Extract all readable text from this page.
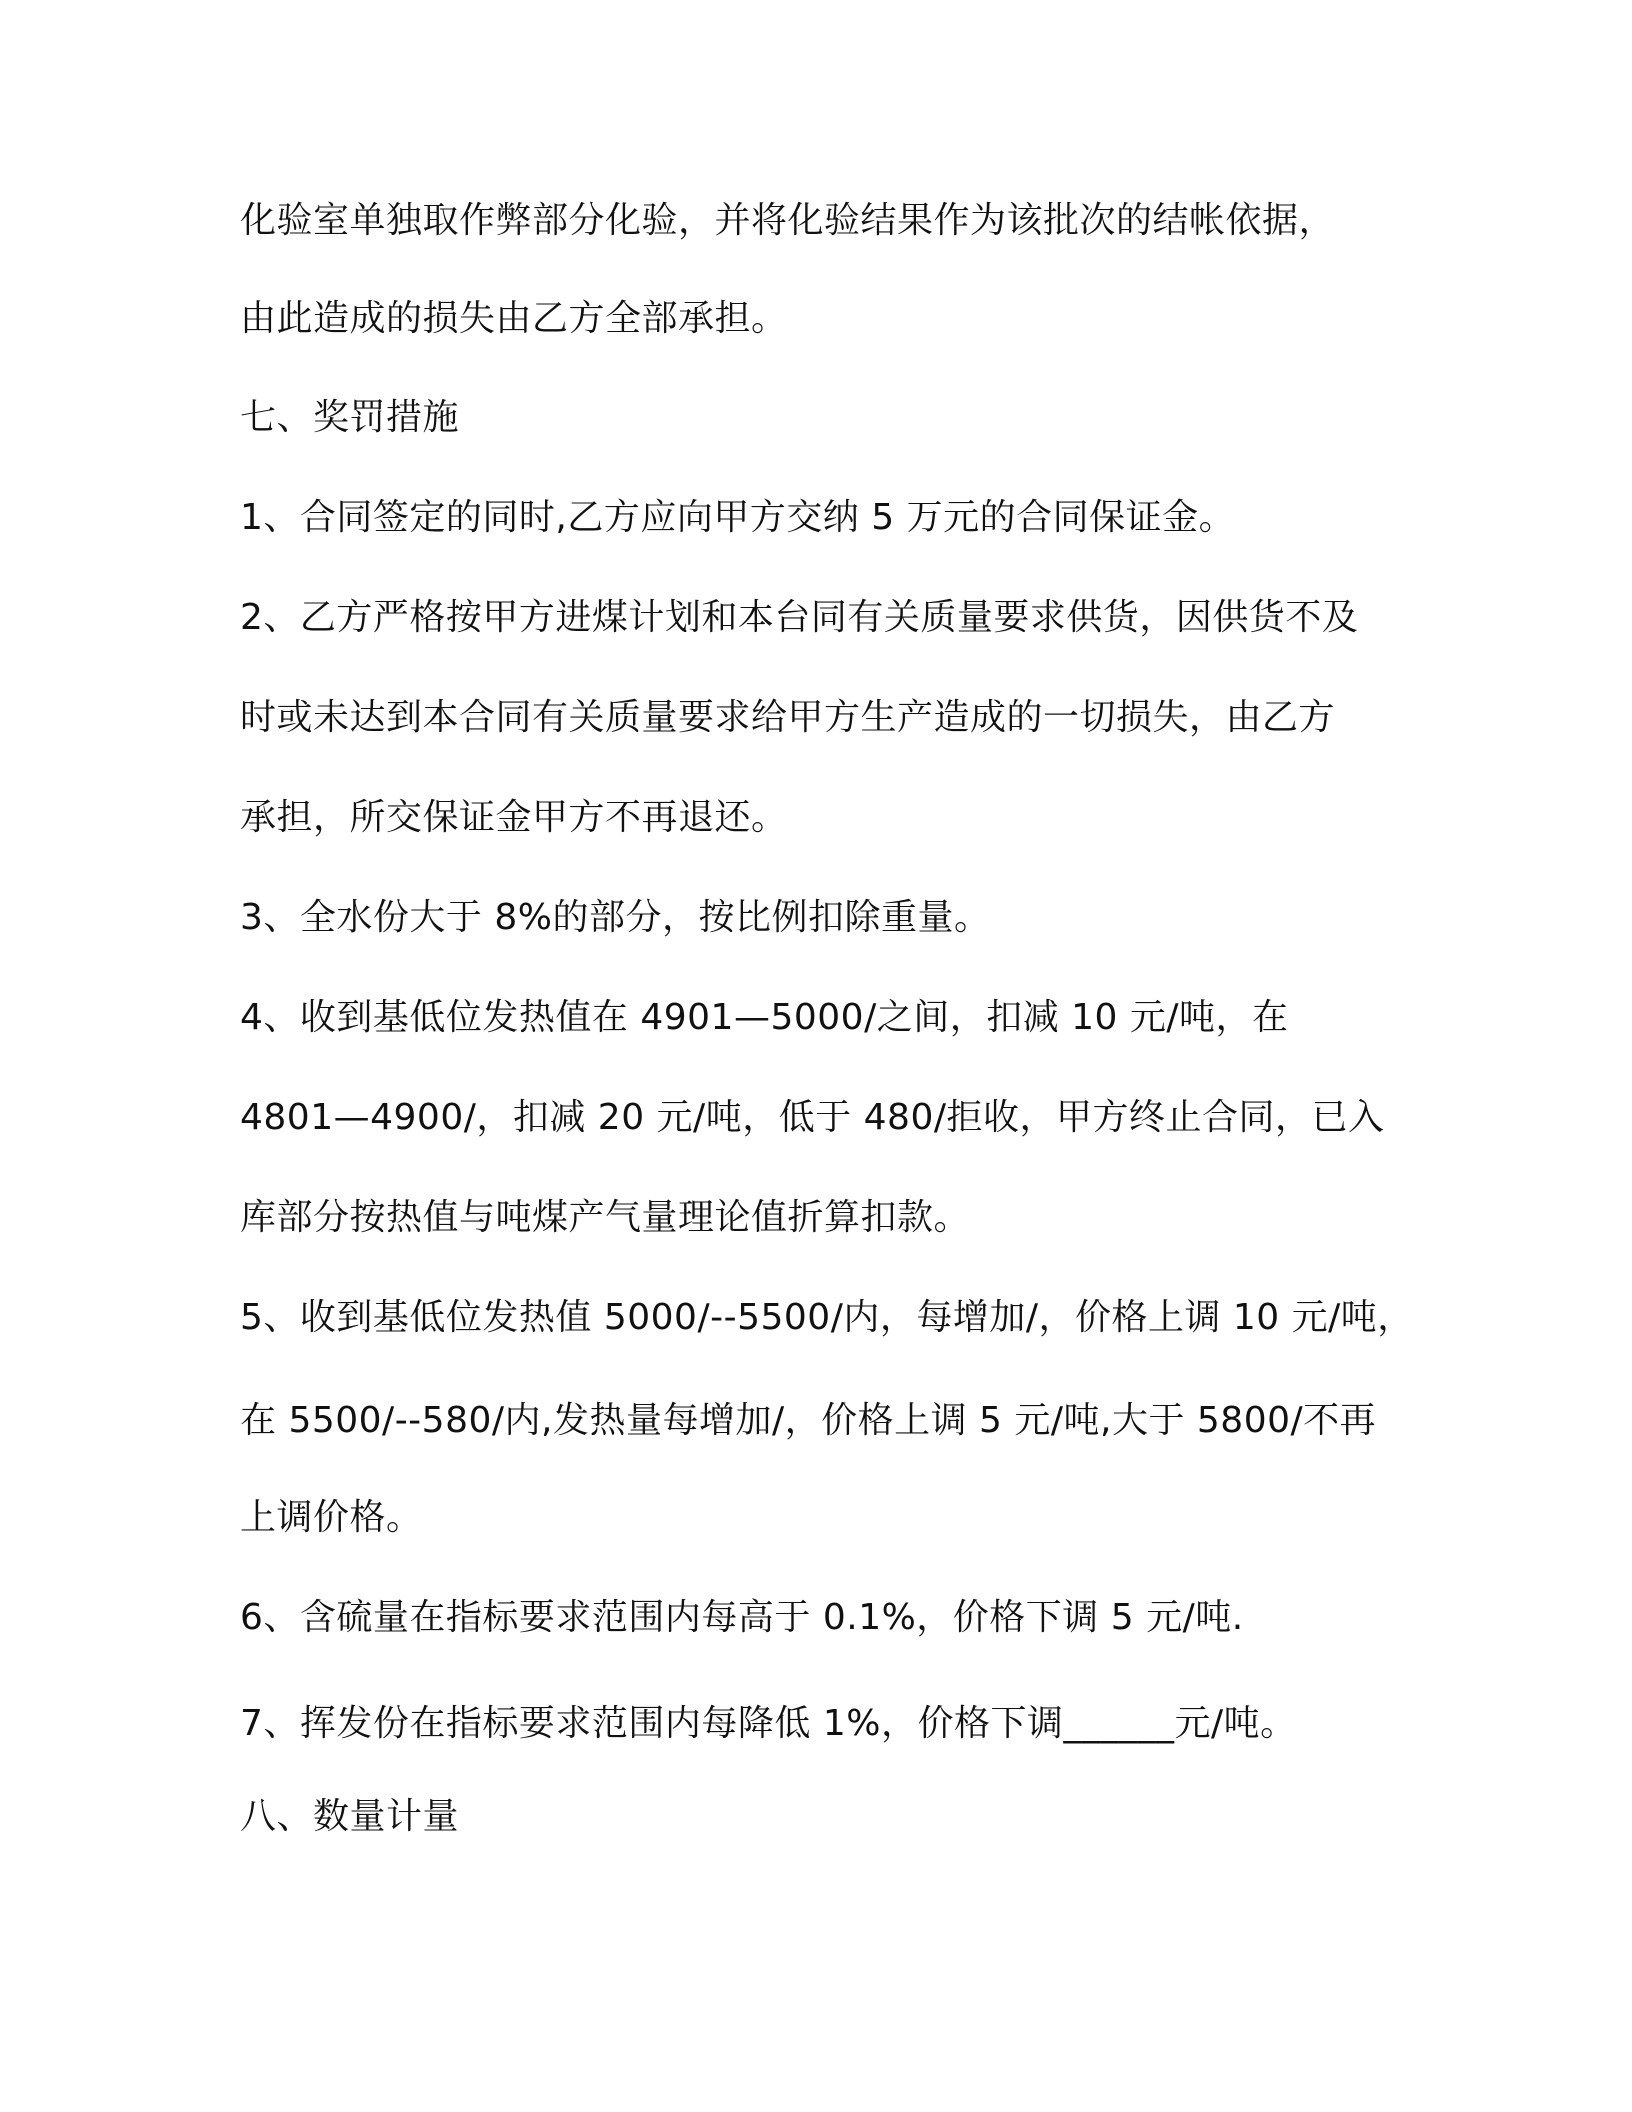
化验室单独取作弊部分化验，并将化验结果作为该批次的结帐依据，

由此造成的损失由乙方全部承担。

七、奖罚措施

1、合同签定的同时,乙方应向甲方交纳 5 万元的合同保证金。

2、乙方严格按甲方进煤计划和本台同有关质量要求供货，因供货不及

时或未达到本合同有关质量要求给甲方生产造成的一切损失，由乙方

承担，所交保证金甲方不再退还。

3、全水份大于 8%的部分，按比例扣除重量。

4、收到基低位发热值在 4901—5000/之间，扣减 10 元/吨，在

4801—4900/，扣减 20 元/吨，低于 480/拒收，甲方终止合同，已入

库部分按热值与吨煤产气量理论值折算扣款。

5、收到基低位发热值 5000/--5500/内，每增加/，价格上调 10 元/吨，

在 5500/--580/内,发热量每增加/，价格上调 5 元/吨,大于 5800/不再

上调价格。

6、含硫量在指标要求范围内每高于 0.1%，价格下调 5 元/吨.

7、挥发份在指标要求范围内每降低 1%，价格下调______元/吨。

八、数量计量
